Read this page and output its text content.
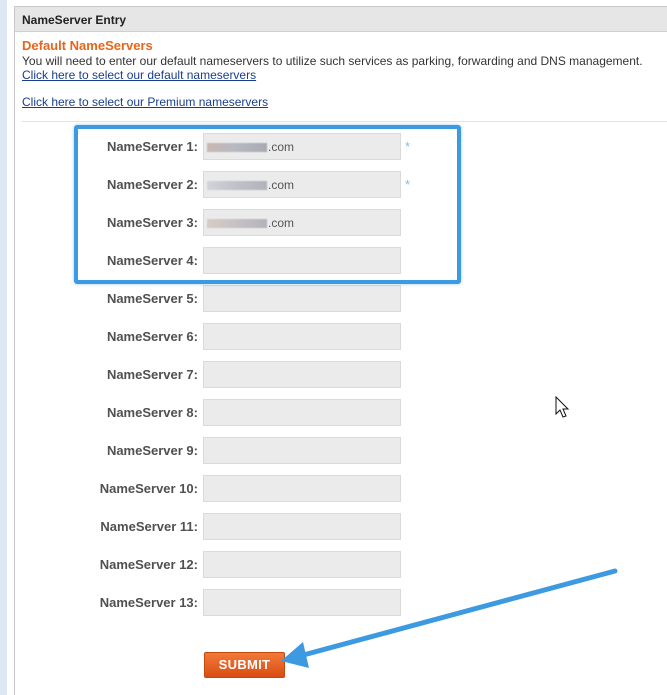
NameServer Entry
Default NameServers
You will need to enter our default nameservers to utilize such services as parking, forwarding and DNS management.
Click here to select our default nameservers
Click here to select our Premium nameservers
NameServer 1:	.com	*
NameServer 2:	.com	*
NameServer 3:	.com
NameServer 4:
NameServer 5:
NameServer 6:
NameServer 7:
NameServer 8:
NameServer 9:
NameServer 10:
NameServer 11:
NameServer 12:
NameServer 13:
SUBMIT
